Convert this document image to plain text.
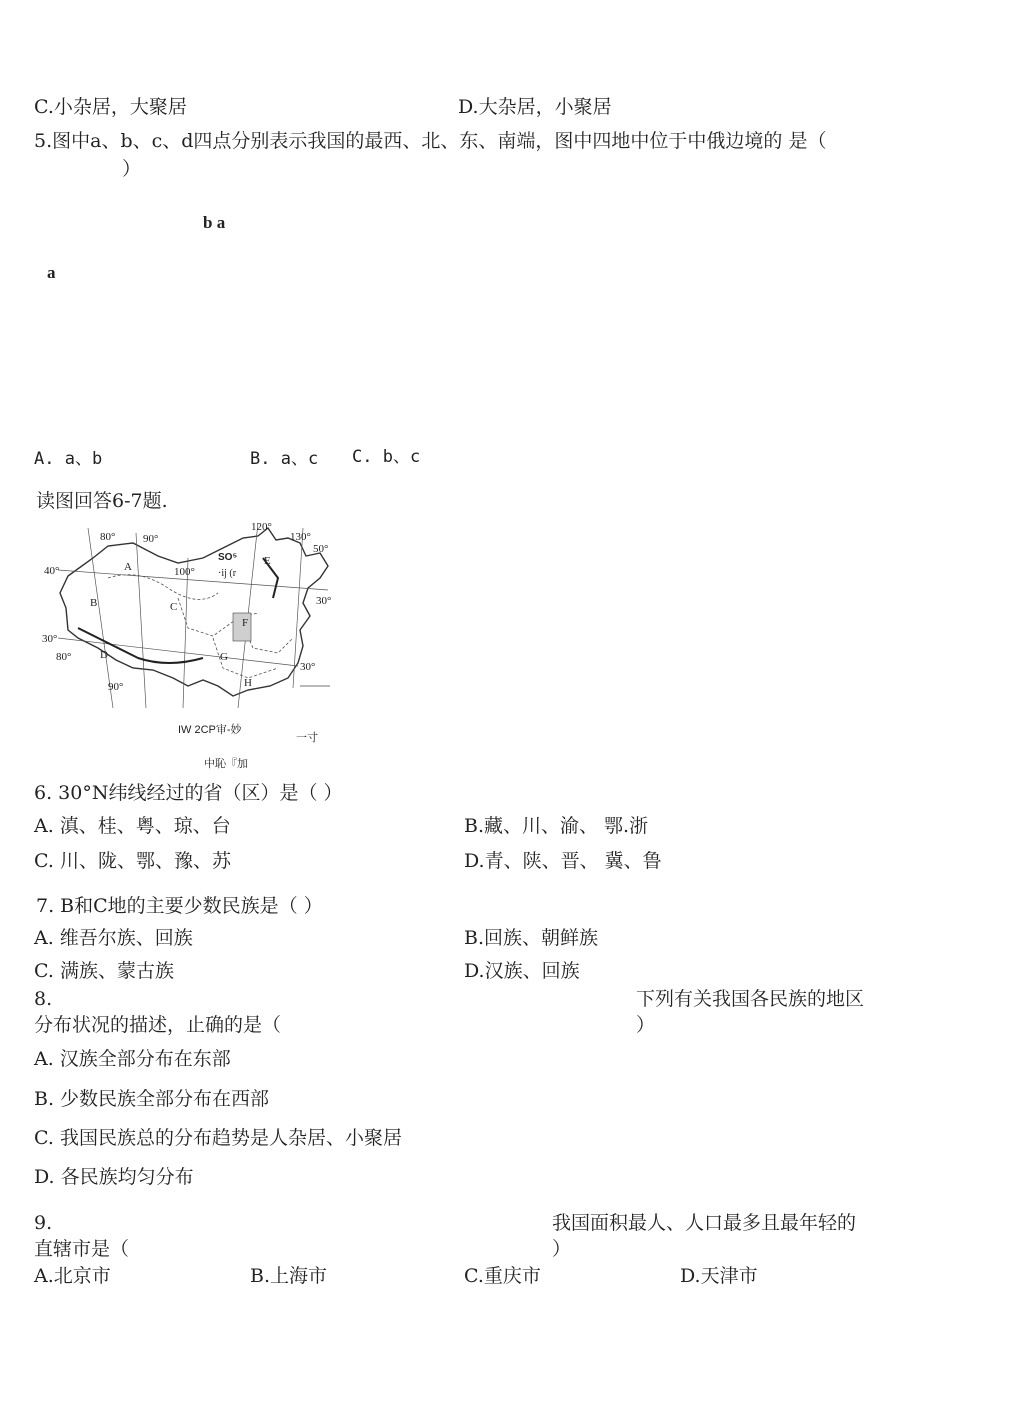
C.小杂居，大聚居	D.大杂居，小聚居
5.图中a、b、c、d四点分别表示我国的最西、北、东、南端，图中四地中位于中俄边境的 是（
）
b a
a
A. a、b	B. a、c C. b、c
读图回答6-7题.
80°	90°
100°
120°
130°
40°
30°
50°
30°
30°
80°
90°
A
B	C
D
E
F
G
H
SO⁵
·ij (r
IW 2CP审-妙
一寸
中恥『加
6. 30°N纬线经过的省（区）是（ ）
A. 滇、桂、粤、琼、台	B.藏、川、渝、 鄂.浙
C. 川、陇、鄂、豫、苏	D.青、陕、晋、 冀、鲁
7. B和C地的主要少数民族是（ ）
A. 维吾尔族、回族	B.回族、朝鲜族
C. 满族、蒙古族	D.汉族、回族
8.	下列有关我国各民族的地区
分布状况的描述，止确的是（	）
A. 汉族全部分布在东部
B. 少数民族全部分布在西部
C. 我国民族总的分布趋势是人杂居、小聚居
D. 各民族均匀分布
9.	我国面积最人、人口最多且最年轻的
直辖市是（	）
A.北京市	B.上海市	C.重庆市	D.天津市
